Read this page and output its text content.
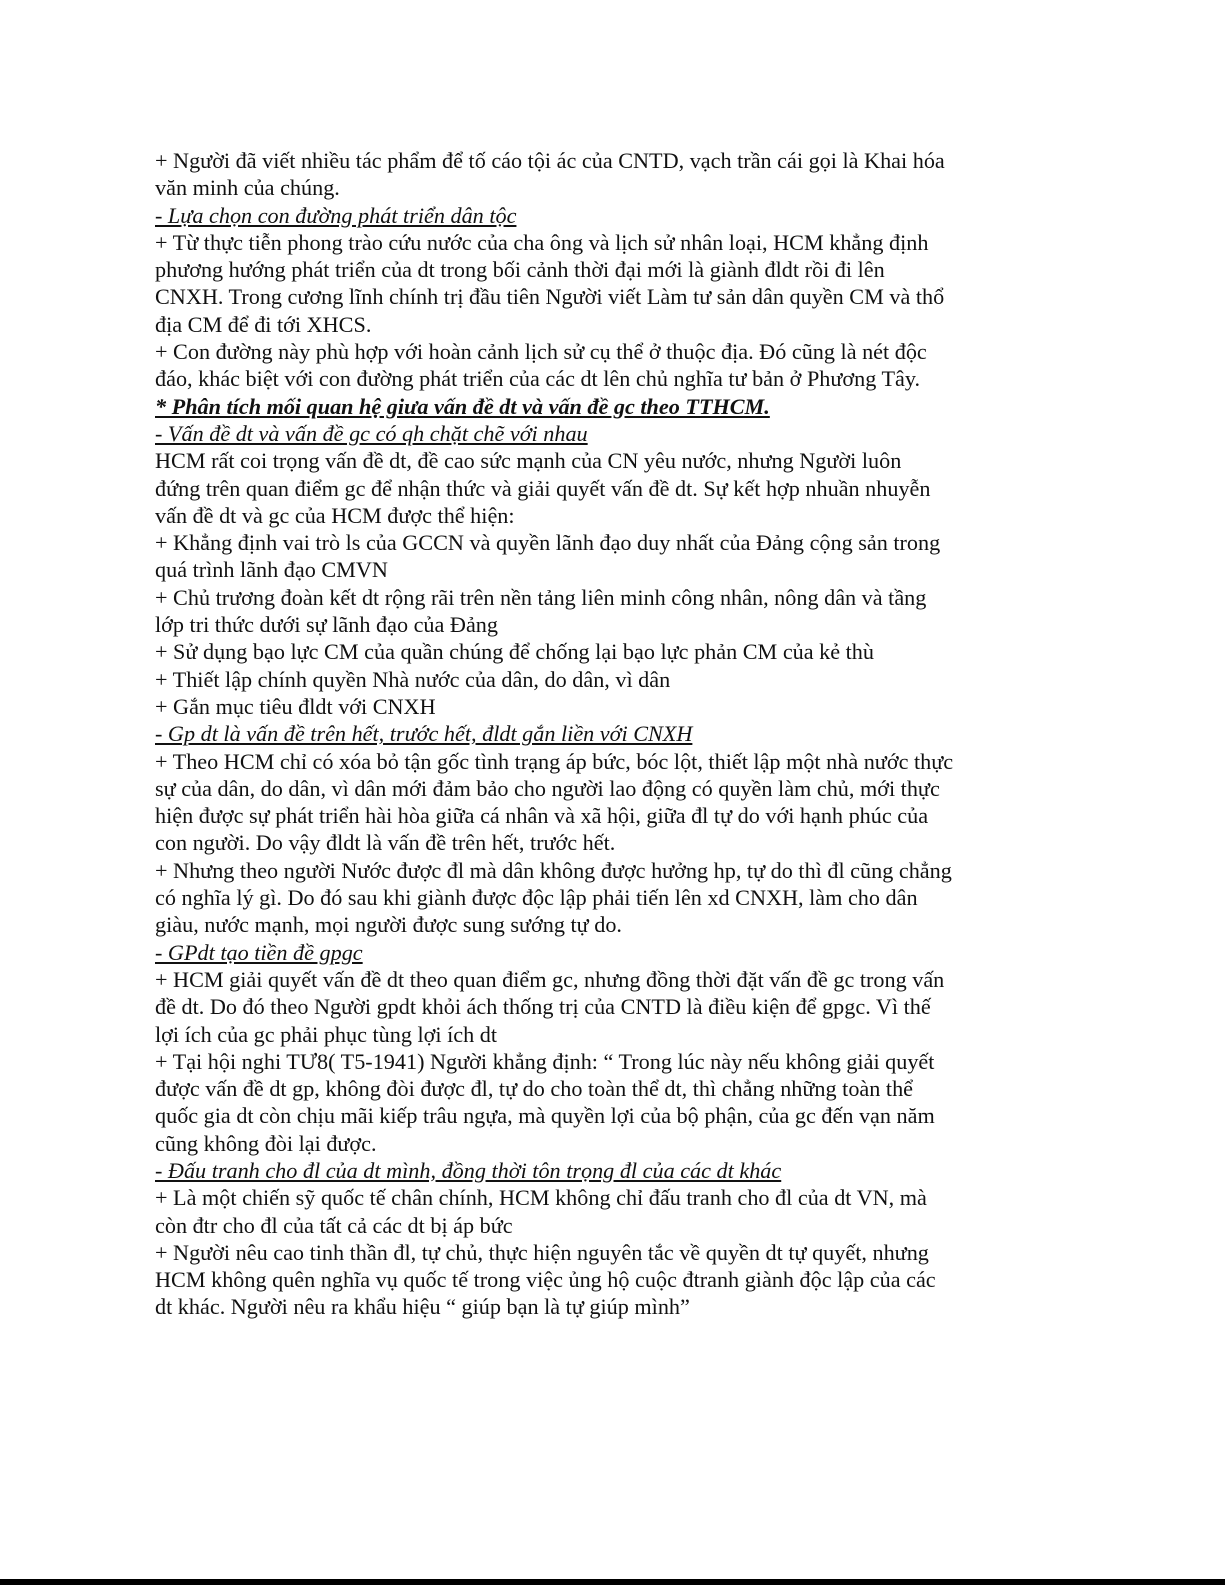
+ Người đã viết nhiều tác phẩm để tố cáo tội ác của CNTD, vạch trần cái gọi là Khai hóa
văn minh của chúng.
- Lựa chọn con đường phát triển dân tộc
+ Từ thực tiễn phong trào cứu nước của cha ông và lịch sử nhân loại, HCM khẳng định
phương hướng phát triển của dt trong bối cảnh thời đại mới là giành đldt rồi đi lên
CNXH. Trong cương lĩnh chính trị đầu tiên Người viết Làm tư sản dân quyền CM và thổ
địa CM để đi tới XHCS.
+ Con đường này phù hợp với hoàn cảnh lịch sử cụ thể ở thuộc địa. Đó cũng là nét độc
đáo, khác biệt với con đường phát triển của các dt lên chủ nghĩa tư bản ở Phương Tây.
* Phân tích mối quan hệ giưa vấn đề dt và vấn đề gc theo TTHCM.
- Vấn đề dt và vấn đề gc có qh chặt chẽ với nhau
HCM rất coi trọng vấn đề dt, đề cao sức mạnh của CN yêu nước, nhưng Người luôn
đứng trên quan điểm gc để nhận thức và giải quyết vấn đề dt. Sự kết hợp nhuần nhuyễn
vấn đề dt và gc của HCM được thể hiện:
+ Khẳng định vai trò ls của GCCN và quyền lãnh đạo duy nhất của Đảng cộng sản trong
quá trình lãnh đạo CMVN
+ Chủ trương đoàn kết dt rộng rãi trên nền tảng liên minh công nhân, nông dân và tầng
lớp tri thức dưới sự lãnh đạo của Đảng
+ Sử dụng bạo lực CM của quần chúng để chống lại bạo lực phản CM của kẻ thù
+ Thiết lập chính quyền Nhà nước của dân, do dân, vì dân
+ Gắn mục tiêu đldt với CNXH
- Gp dt là vấn đề trên hết, trước hết, đldt gắn liền với CNXH
+ Theo HCM chỉ có xóa bỏ tận gốc tình trạng áp bức, bóc lột, thiết lập một nhà nước thực
sự của dân, do dân, vì dân mới đảm bảo cho người lao động có quyền làm chủ, mới thực
hiện được sự phát triển hài hòa giữa cá nhân và xã hội, giữa đl tự do với hạnh phúc của
con người. Do vậy đldt là vấn đề trên hết, trước hết.
+ Nhưng theo người Nước được đl mà dân không được hưởng hp, tự do thì đl cũng chẳng
có nghĩa lý gì. Do đó sau khi giành được độc lập phải tiến lên xd CNXH, làm cho dân
giàu, nước mạnh, mọi người được sung sướng tự do.
- GPdt tạo tiền đề gpgc
+ HCM giải quyết vấn đề dt theo quan điểm gc, nhưng đồng thời đặt vấn đề gc trong vấn
đề dt. Do đó theo Người gpdt khỏi ách thống trị của CNTD là điều kiện để gpgc. Vì thế
lợi ích của gc phải phục tùng lợi ích dt
+ Tại hội nghi TƯ8( T5-1941) Người khẳng định: “ Trong lúc này nếu không giải quyết
được vấn đề dt gp, không đòi được đl, tự do cho toàn thể dt, thì chẳng những toàn thể
quốc gia dt còn chịu mãi kiếp trâu ngựa, mà quyền lợi của bộ phận, của gc đến vạn năm
cũng không đòi lại được.
- Đấu tranh cho đl của dt mình, đồng thời tôn trọng đl của các dt khác
+ Là một chiến sỹ quốc tế chân chính, HCM không chỉ đấu tranh cho đl của dt VN, mà
còn đtr cho đl của tất cả các dt bị áp bức
+ Người nêu cao tinh thần đl, tự chủ, thực hiện nguyên tắc về quyền dt tự quyết, nhưng
HCM không quên nghĩa vụ quốc tế trong việc ủng hộ cuộc đtranh giành độc lập của các
dt khác. Người nêu ra khẩu hiệu “ giúp bạn là tự giúp mình”
